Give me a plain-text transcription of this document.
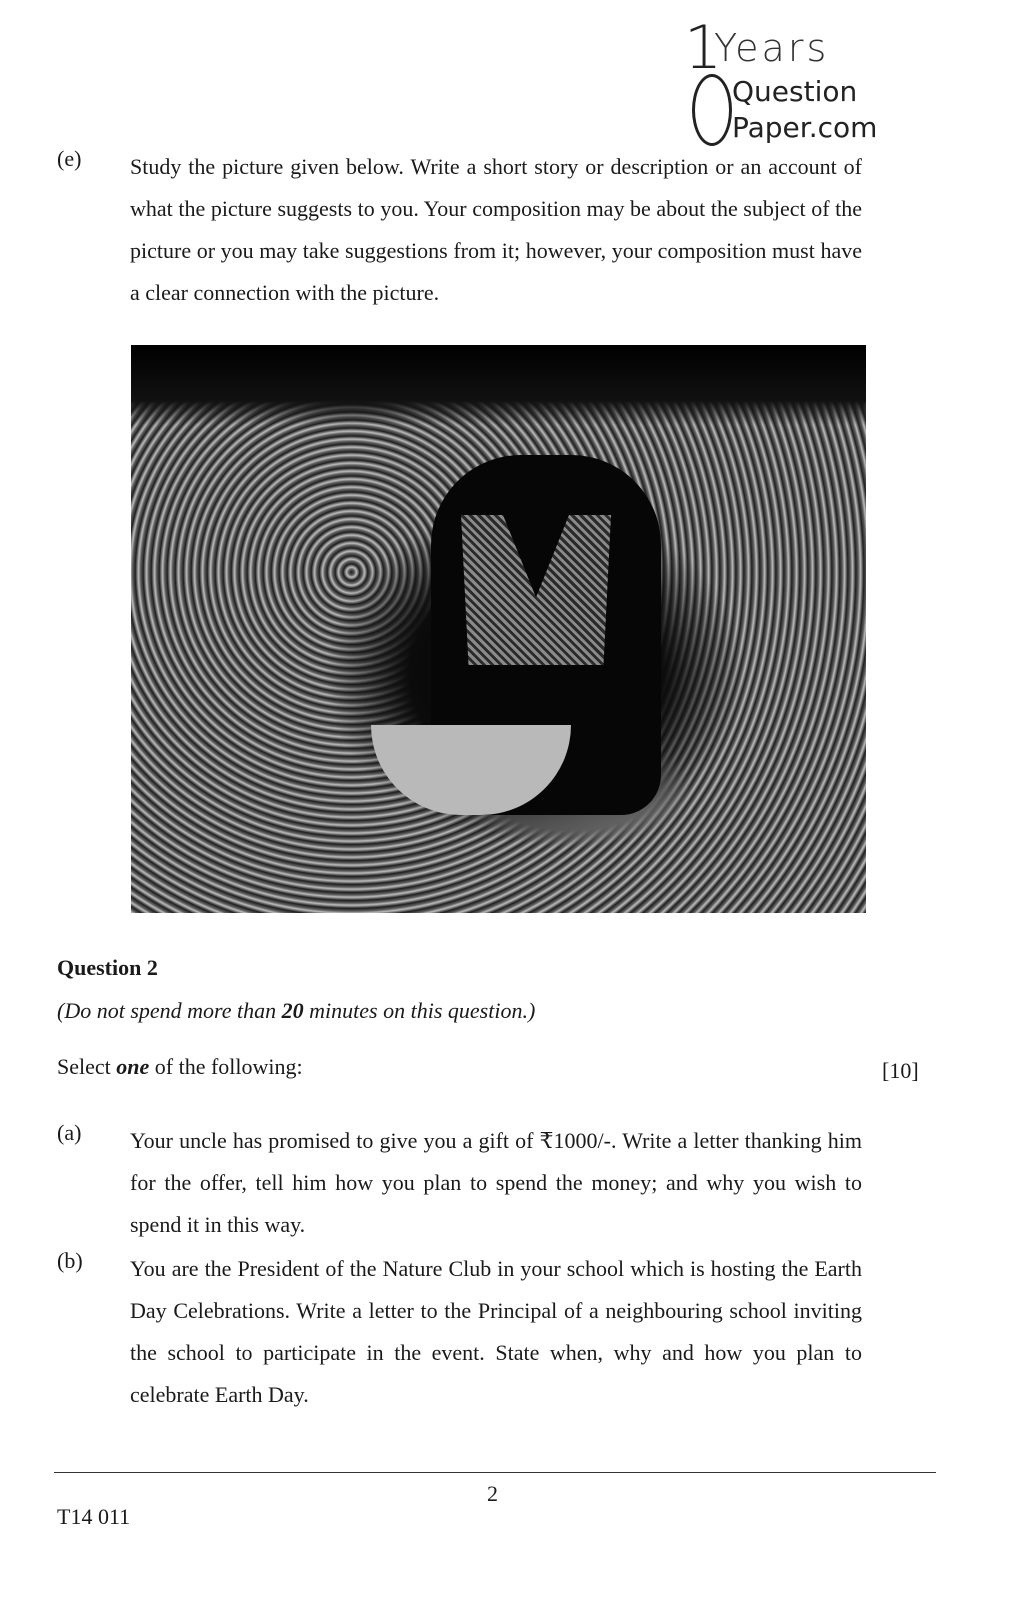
1
Years
Question
Paper.com
(e) Study the picture given below. Write a short story or description or an account of what the picture suggests to you. Your composition may be about the subject of the picture or you may take suggestions from it; however, your composition must have a clear connection with the picture.
Question 2
(Do not spend more than 20 minutes on this question.)
Select one of the following:	[10]
(a) Your uncle has promised to give you a gift of ₹1000/-. Write a letter thanking him for the offer, tell him how you plan to spend the money; and why you wish to spend it in this way.
(b) You are the President of the Nature Club in your school which is hosting the Earth Day Celebrations. Write a letter to the Principal of a neighbouring school inviting the school to participate in the event. State when, why and how you plan to celebrate Earth Day.
2
T14 011
